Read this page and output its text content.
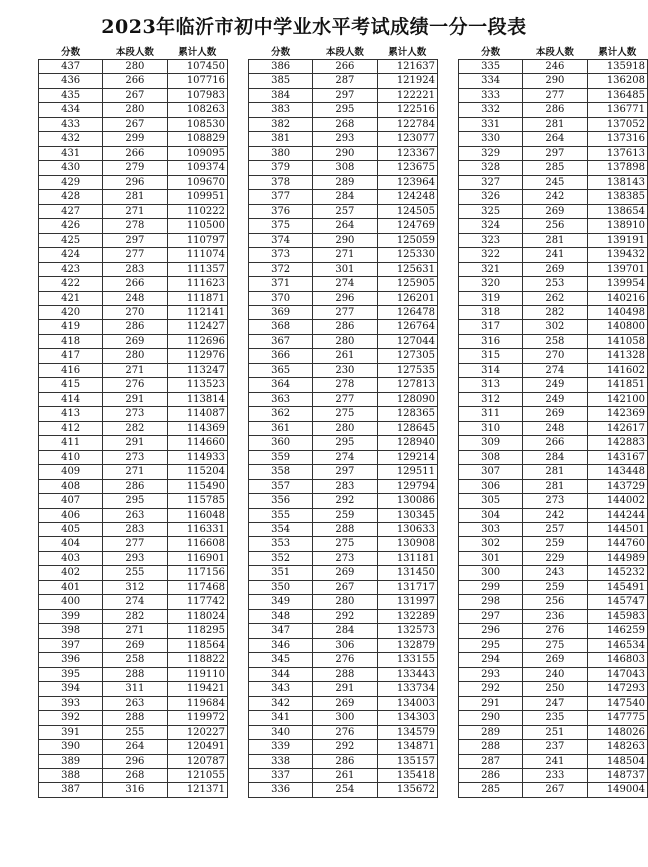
2023年临沂市初中学业水平考试成绩一分一段表
分数	本段人数	累计人数
437	280	107450
436	266	107716
435	267	107983
434	280	108263
433	267	108530
432	299	108829
431	266	109095
430	279	109374
429	296	109670
428	281	109951
427	271	110222
426	278	110500
425	297	110797
424	277	111074
423	283	111357
422	266	111623
421	248	111871
420	270	112141
419	286	112427
418	269	112696
417	280	112976
416	271	113247
415	276	113523
414	291	113814
413	273	114087
412	282	114369
411	291	114660
410	273	114933
409	271	115204
408	286	115490
407	295	115785
406	263	116048
405	283	116331
404	277	116608
403	293	116901
402	255	117156
401	312	117468
400	274	117742
399	282	118024
398	271	118295
397	269	118564
396	258	118822
395	288	119110
394	311	119421
393	263	119684
392	288	119972
391	255	120227
390	264	120491
389	296	120787
388	268	121055
387	316	121371
分数	本段人数	累计人数
386	266	121637
385	287	121924
384	297	122221
383	295	122516
382	268	122784
381	293	123077
380	290	123367
379	308	123675
378	289	123964
377	284	124248
376	257	124505
375	264	124769
374	290	125059
373	271	125330
372	301	125631
371	274	125905
370	296	126201
369	277	126478
368	286	126764
367	280	127044
366	261	127305
365	230	127535
364	278	127813
363	277	128090
362	275	128365
361	280	128645
360	295	128940
359	274	129214
358	297	129511
357	283	129794
356	292	130086
355	259	130345
354	288	130633
353	275	130908
352	273	131181
351	269	131450
350	267	131717
349	280	131997
348	292	132289
347	284	132573
346	306	132879
345	276	133155
344	288	133443
343	291	133734
342	269	134003
341	300	134303
340	276	134579
339	292	134871
338	286	135157
337	261	135418
336	254	135672
分数	本段人数	累计人数
335	246	135918
334	290	136208
333	277	136485
332	286	136771
331	281	137052
330	264	137316
329	297	137613
328	285	137898
327	245	138143
326	242	138385
325	269	138654
324	256	138910
323	281	139191
322	241	139432
321	269	139701
320	253	139954
319	262	140216
318	282	140498
317	302	140800
316	258	141058
315	270	141328
314	274	141602
313	249	141851
312	249	142100
311	269	142369
310	248	142617
309	266	142883
308	284	143167
307	281	143448
306	281	143729
305	273	144002
304	242	144244
303	257	144501
302	259	144760
301	229	144989
300	243	145232
299	259	145491
298	256	145747
297	236	145983
296	276	146259
295	275	146534
294	269	146803
293	240	147043
292	250	147293
291	247	147540
290	235	147775
289	251	148026
288	237	148263
287	241	148504
286	233	148737
285	267	149004
